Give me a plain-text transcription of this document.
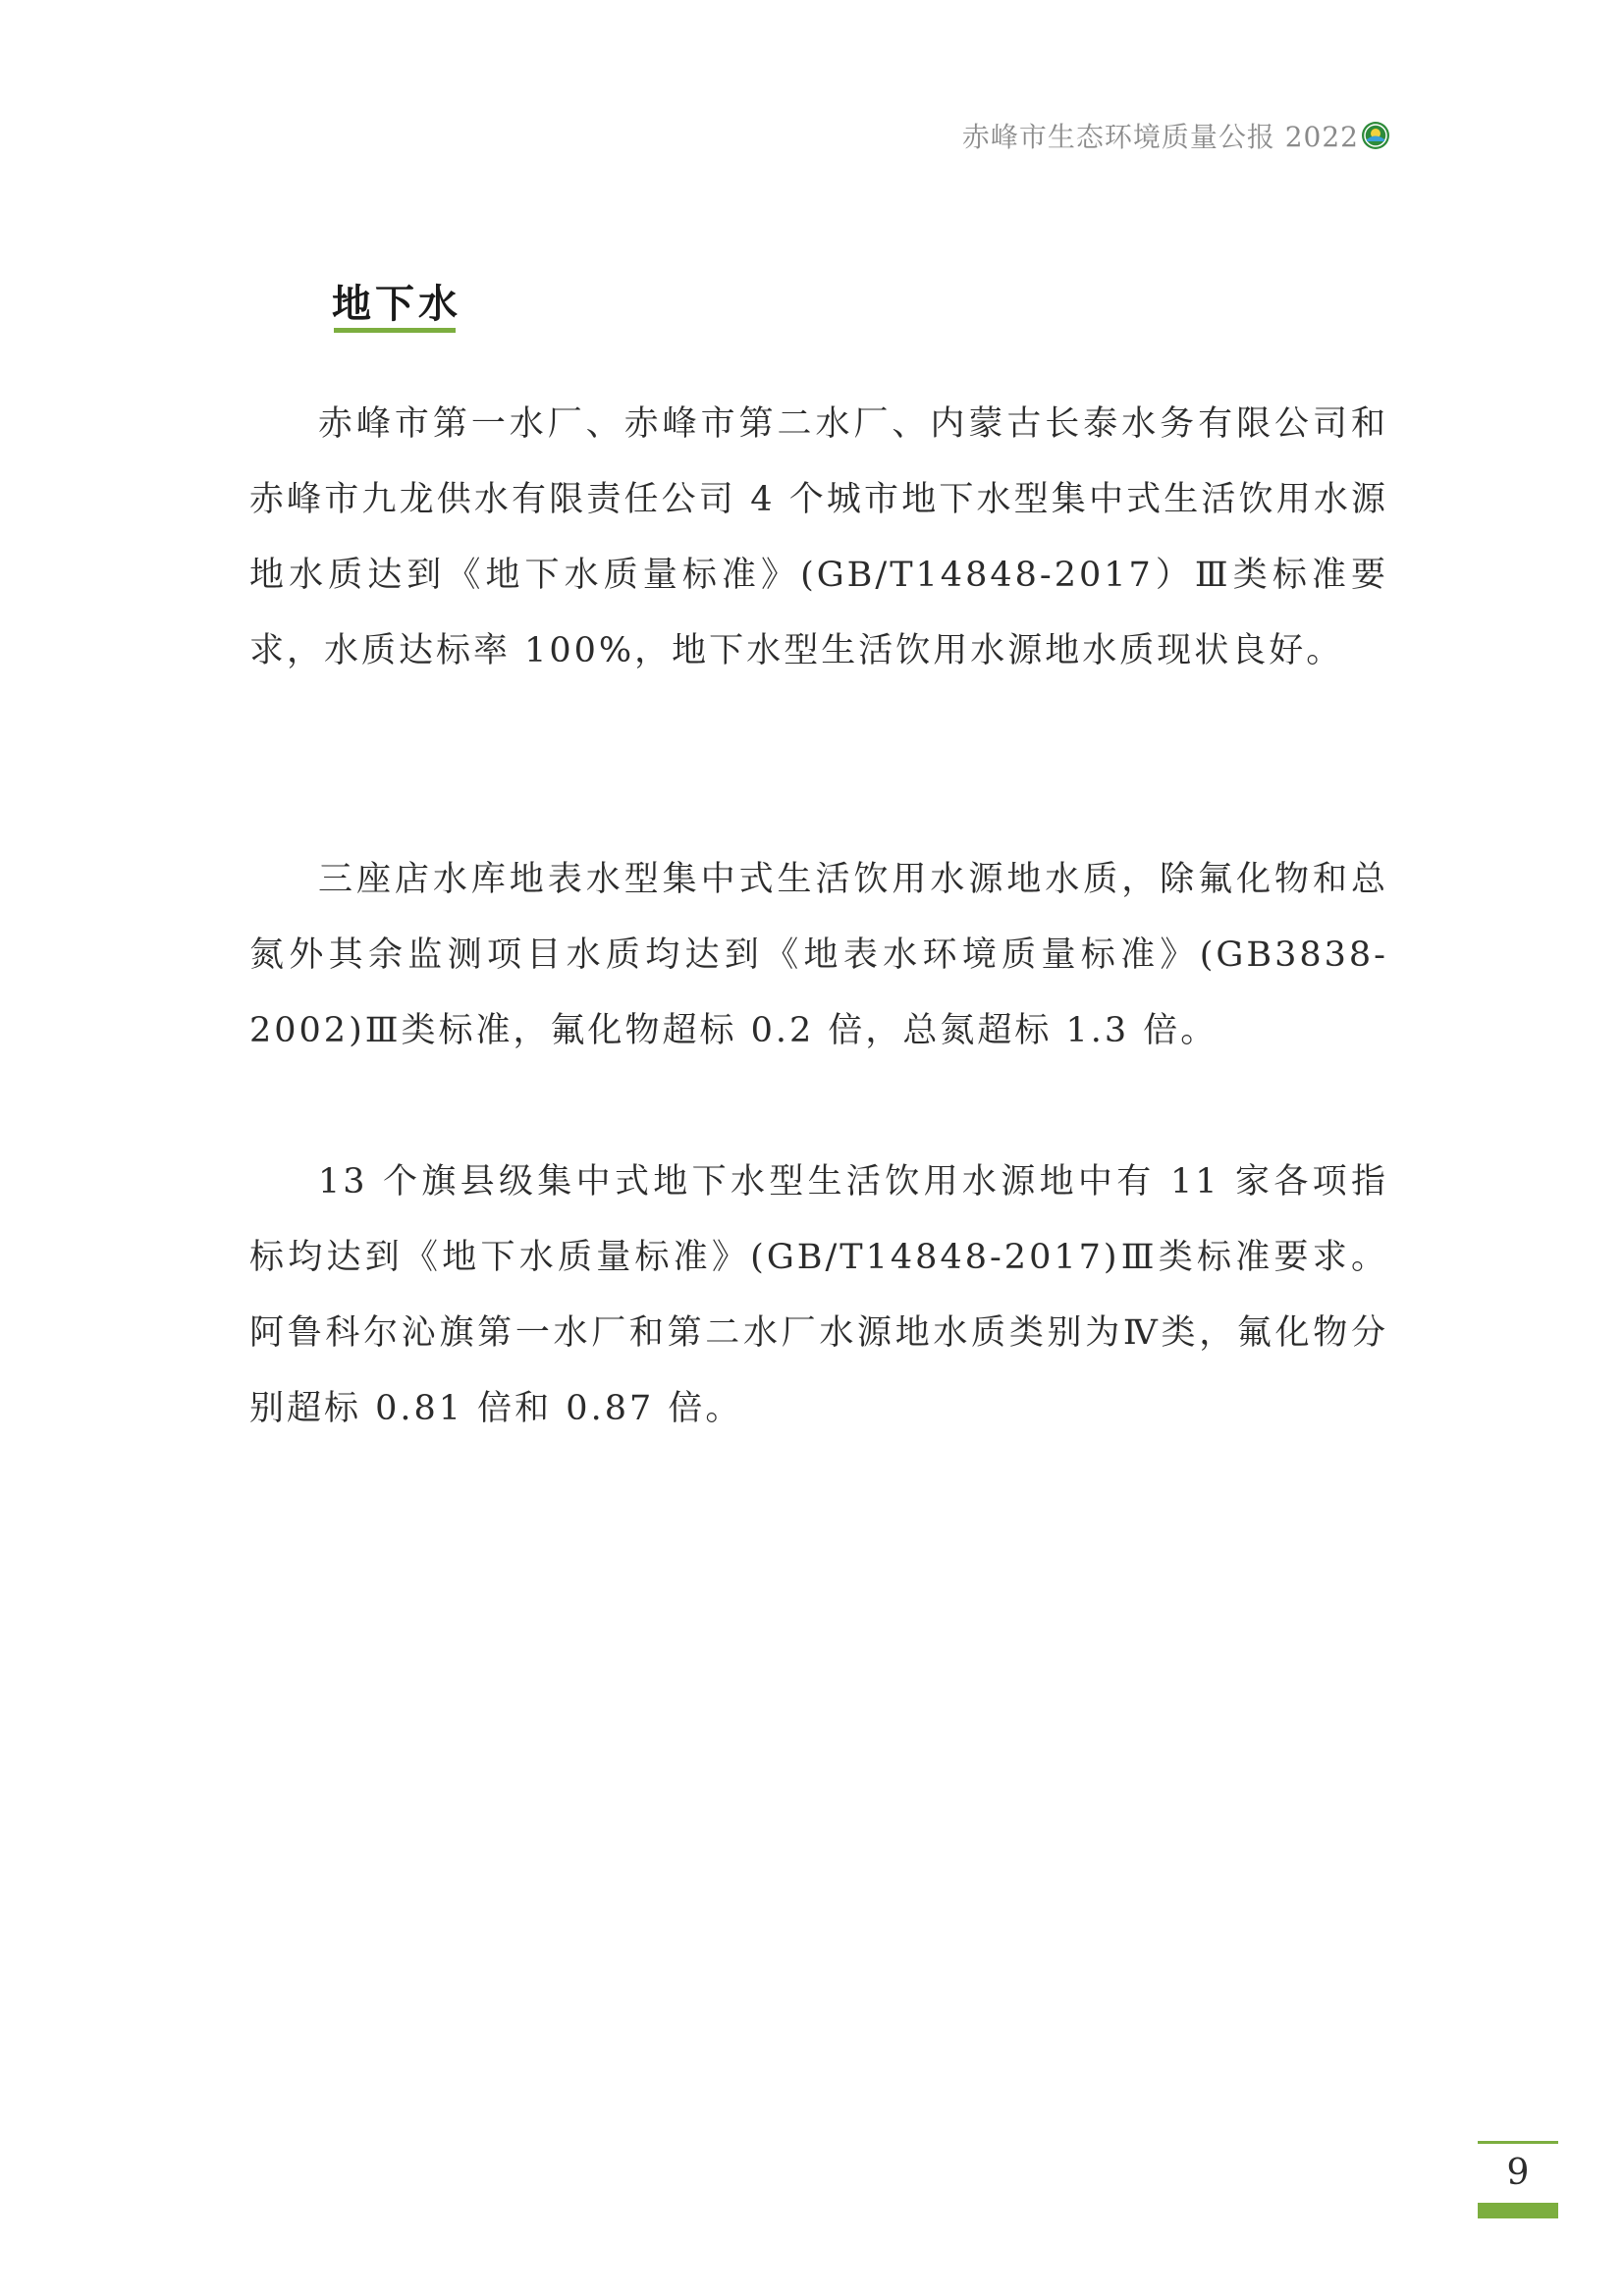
赤峰市生态环境质量公报 2022
地下水

赤峰市第一水厂、赤峰市第二水厂、内蒙古长泰水务有限公司和赤峰市九龙供水有限责任公司 4 个城市地下水型集中式生活饮用水源地水质达到《地下水质量标准》(GB/T14848-2017）Ⅲ类标准要求，水质达标率 100%，地下水型生活饮用水源地水质现状良好。

三座店水库地表水型集中式生活饮用水源地水质，除氟化物和总氮外其余监测项目水质均达到《地表水环境质量标准》(GB3838-2002)Ⅲ类标准，氟化物超标 0.2 倍，总氮超标 1.3 倍。

13 个旗县级集中式地下水型生活饮用水源地中有 11 家各项指标均达到《地下水质量标准》(GB/T14848-2017)Ⅲ类标准要求。阿鲁科尔沁旗第一水厂和第二水厂水源地水质类别为Ⅳ类，氟化物分别超标 0.81 倍和 0.87 倍。

9
